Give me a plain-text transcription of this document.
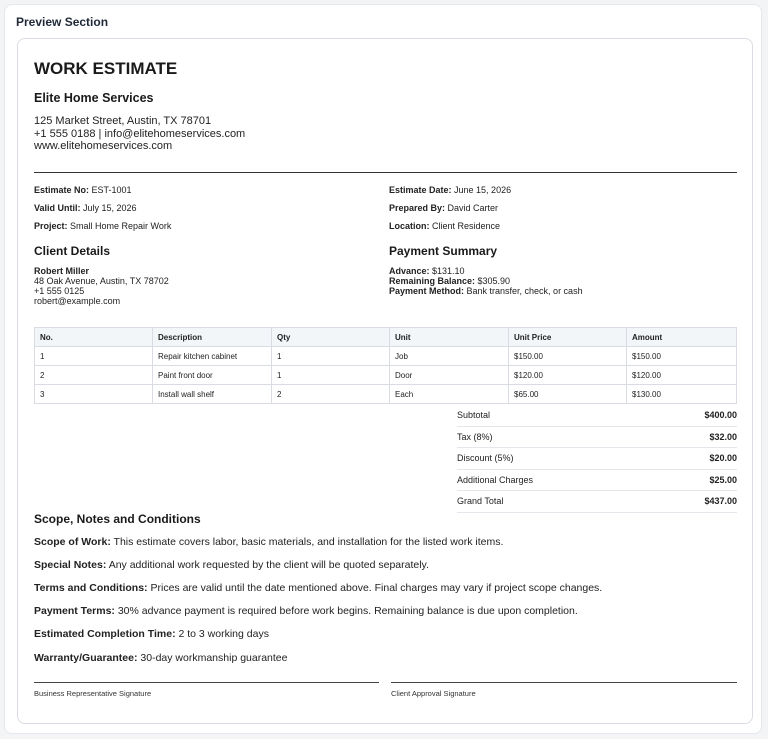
Preview Section
WORK ESTIMATE
Elite Home Services
125 Market Street, Austin, TX 78701
+1 555 0188 | info@elitehomeservices.com
www.elitehomeservices.com
Estimate No: EST-1001
Valid Until: July 15, 2026
Project: Small Home Repair Work
Estimate Date: June 15, 2026
Prepared By: David Carter
Location: Client Residence
Client Details
Robert Miller
48 Oak Avenue, Austin, TX 78702
+1 555 0125
robert@example.com
Payment Summary
Advance: $131.10
Remaining Balance: $305.90
Payment Method: Bank transfer, check, or cash
No.	Description	Qty	Unit	Unit Price	Amount
1	Repair kitchen cabinet	1	Job	$150.00	$150.00
2	Paint front door	1	Door	$120.00	$120.00
3	Install wall shelf	2	Each	$65.00	$130.00
Subtotal	$400.00
Tax (8%)	$32.00
Discount (5%)	$20.00
Additional Charges	$25.00
Grand Total	$437.00
Scope, Notes and Conditions
Scope of Work: This estimate covers labor, basic materials, and installation for the listed work items.
Special Notes: Any additional work requested by the client will be quoted separately.
Terms and Conditions: Prices are valid until the date mentioned above. Final charges may vary if project scope changes.
Payment Terms: 30% advance payment is required before work begins. Remaining balance is due upon completion.
Estimated Completion Time: 2 to 3 working days
Warranty/Guarantee: 30-day workmanship guarantee
Business Representative Signature	Client Approval Signature
